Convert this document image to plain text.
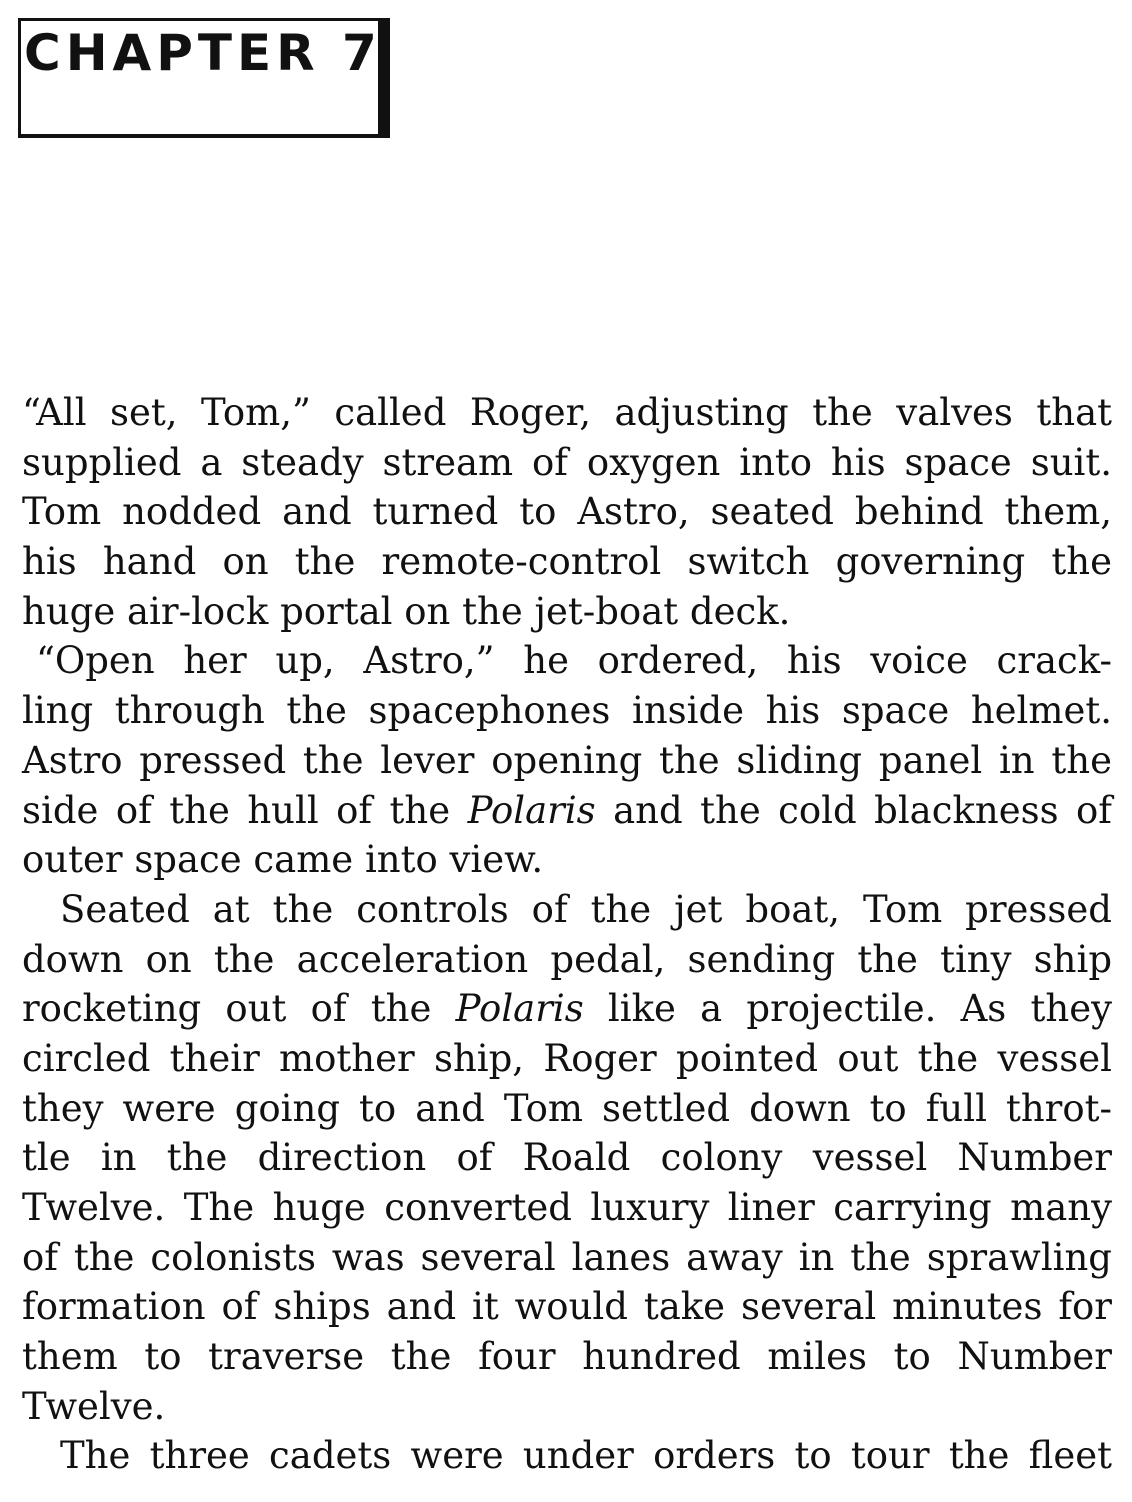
CHAPTER 7
“All set, Tom,” called Roger, adjusting the valves that
supplied a steady stream of oxygen into his space suit.
Tom nodded and turned to Astro, seated behind them,
his hand on the remote-control switch governing the
huge air-lock portal on the jet-boat deck.
“Open her up, Astro,” he ordered, his voice crack-
ling through the spacephones inside his space helmet.
Astro pressed the lever opening the sliding panel in the
side of the hull of the Polaris and the cold blackness of
outer space came into view.
Seated at the controls of the jet boat, Tom pressed
down on the acceleration pedal, sending the tiny ship
rocketing out of the Polaris like a projectile. As they
circled their mother ship, Roger pointed out the vessel
they were going to and Tom settled down to full throt-
tle in the direction of Roald colony vessel Number
Twelve. The huge converted luxury liner carrying many
of the colonists was several lanes away in the sprawling
formation of ships and it would take several minutes for
them to traverse the four hundred miles to Number
Twelve.
The three cadets were under orders to tour the fleet
